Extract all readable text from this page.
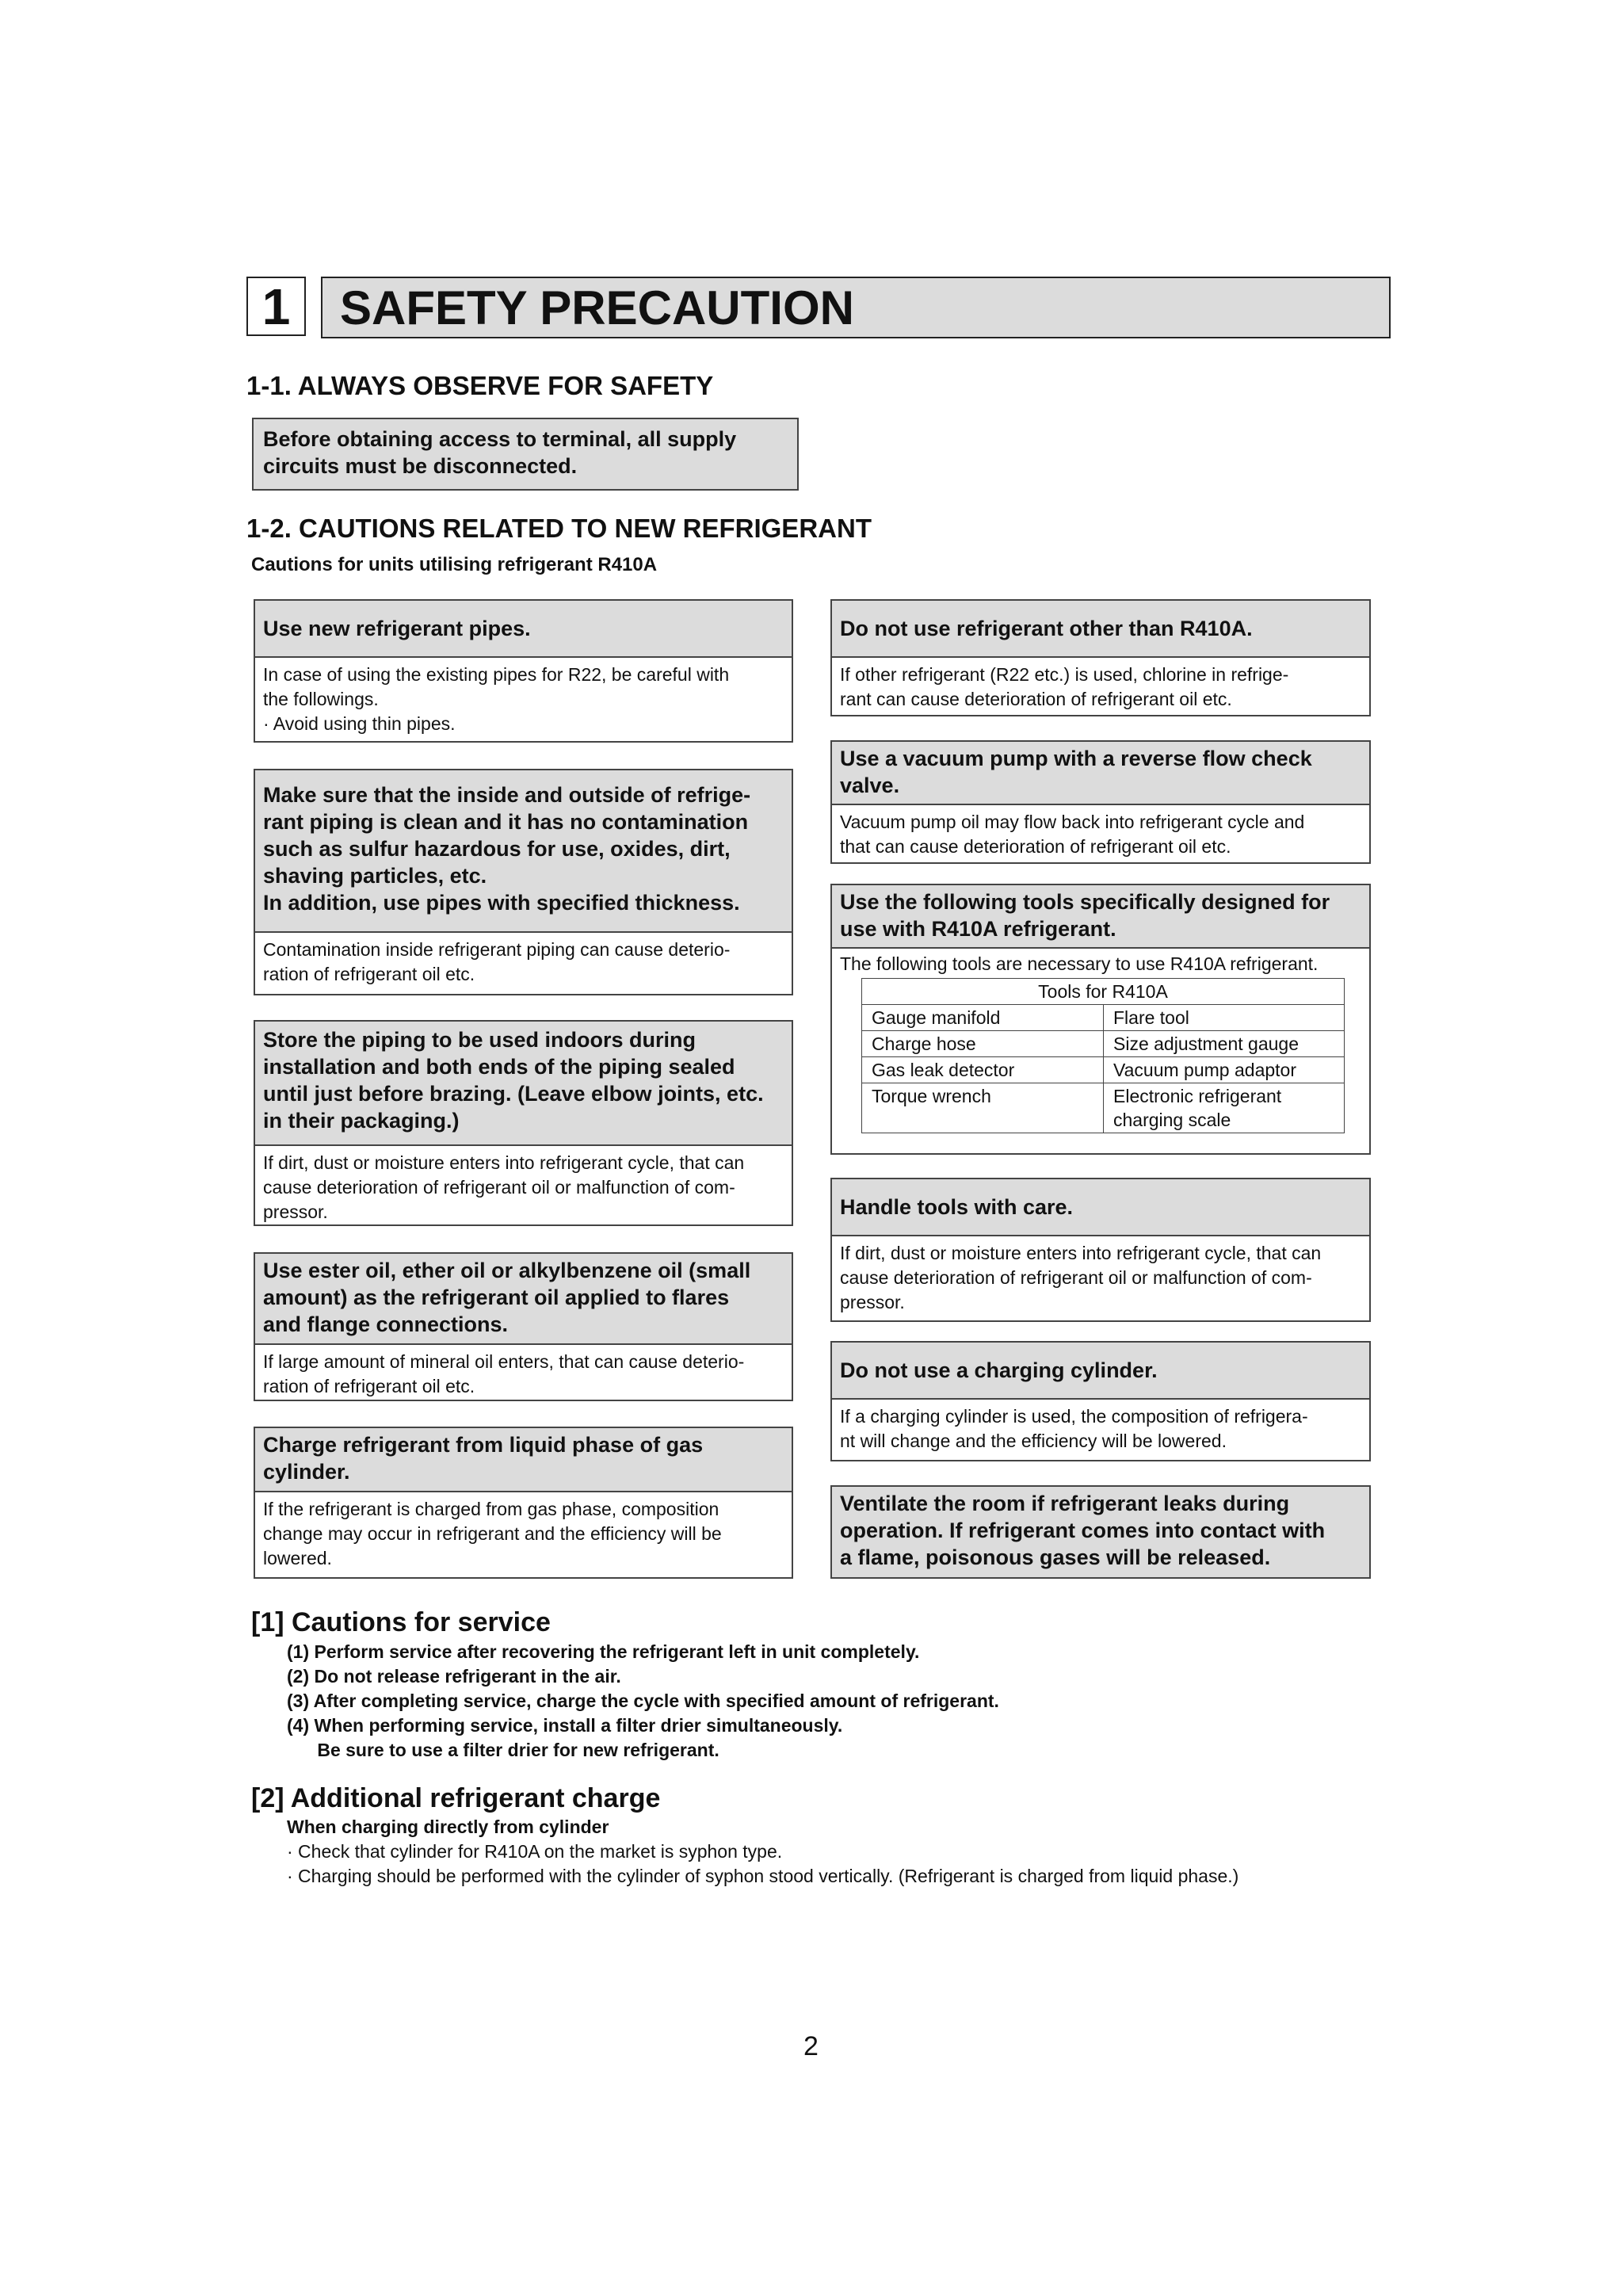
1	SAFETY PRECAUTION
1-1. ALWAYS OBSERVE FOR SAFETY
Before obtaining access to terminal, all supply
circuits must be disconnected.
1-2. CAUTIONS RELATED TO NEW REFRIGERANT
Cautions for units utilising refrigerant R410A
Use new refrigerant pipes.
In case of using the existing pipes for R22, be careful with
the followings.
· Avoid using thin pipes.
Make sure that the inside and outside of refrige-
rant piping is clean and it has no contamination
such as sulfur hazardous for use, oxides, dirt,
shaving particles, etc.
In addition, use pipes with specified thickness.
Contamination inside refrigerant piping can cause deterio-
ration of refrigerant oil etc.
Store the piping to be used indoors during
installation and both ends of the piping sealed
until just before brazing. (Leave elbow joints, etc.
in their packaging.)
If dirt, dust or moisture enters into refrigerant cycle, that can
cause deterioration of refrigerant oil or malfunction of com-
pressor.
Use ester oil, ether oil or alkylbenzene oil (small
amount) as the refrigerant oil applied to flares
and flange connections.
If large amount of mineral oil enters, that can cause deterio-
ration of refrigerant oil etc.
Charge refrigerant from liquid phase of gas
cylinder.
If the refrigerant is charged from gas phase, composition
change may occur in refrigerant and the efficiency will be
lowered.
Do not use refrigerant other than R410A.
If other refrigerant (R22 etc.) is used, chlorine in refrige-
rant can cause deterioration of refrigerant oil etc.
Use a vacuum pump with a reverse flow check
valve.
Vacuum pump oil may flow back into refrigerant cycle and
that can cause deterioration of refrigerant oil etc.
Use the following tools specifically designed for
use with R410A refrigerant.
The following tools are necessary to use R410A refrigerant.
Tools for R410A	
Gauge manifold	Flare tool
Charge hose	Size adjustment gauge
Gas leak detector	Vacuum pump adaptor
Torque wrench	Electronic refrigerant
charging scale
Handle tools with care.
If dirt, dust or moisture enters into refrigerant cycle, that can
cause deterioration of refrigerant oil or malfunction of com-
pressor.
Do not use a charging cylinder.
If a charging cylinder is used, the composition of refrigera-
nt will change and the efficiency will be lowered.
Ventilate the room if refrigerant leaks during
operation. If refrigerant comes into contact with
a flame, poisonous gases will be released.
[1] Cautions for service
(1) Perform service after recovering the refrigerant left in unit completely.
(2) Do not release refrigerant in the air.
(3) After completing service, charge the cycle with specified amount of refrigerant.
(4) When performing service, install a filter drier simultaneously.
Be sure to use a filter drier for new refrigerant.
[2] Additional refrigerant charge
When charging directly from cylinder
· Check that cylinder for R410A on the market is syphon type.
· Charging should be performed with the cylinder of syphon stood vertically. (Refrigerant is charged from liquid phase.)
2
